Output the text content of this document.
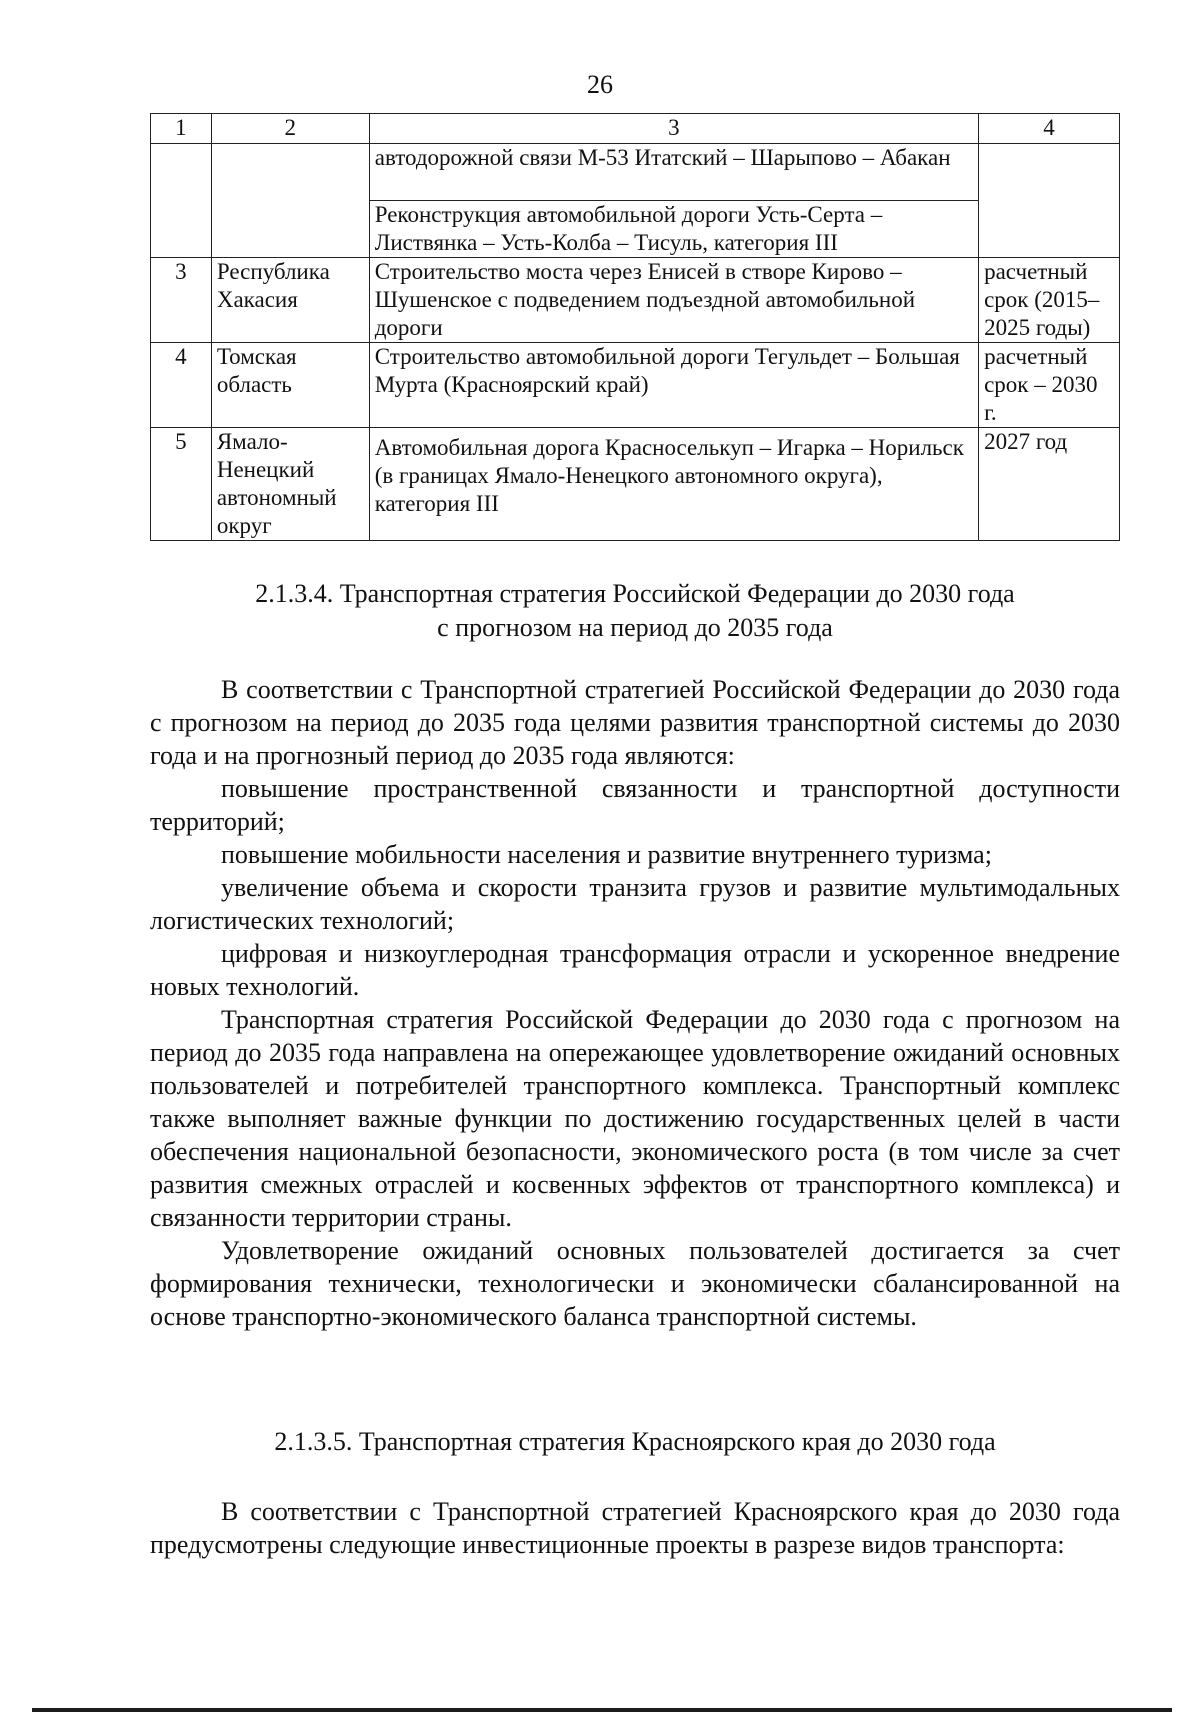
26
1	2	3	4
		автодорожной связи М-53 Итатский – Шарыпово – Абакан	
		Реконструкция автомобильной дороги Усть-Серта – Листвянка – Усть-Колба – Тисуль, категория III	
3	Республика Хакасия	Строительство моста через Енисей в створе Кирово – Шушенское с подведением подъездной автомобильной дороги	расчетный срок (2015–2025 годы)
4	Томская область	Строительство автомобильной дороги Тегульдет – Большая Мурта (Красноярский край)	расчетный срок – 2030 г.
5	Ямало-Ненецкий автономный округ	Автомобильная дорога Красноселькуп – Игарка – Норильск (в границах Ямало-Ненецкого автономного округа), категория III	2027 год
2.1.3.4. Транспортная стратегия Российской Федерации до 2030 года
с прогнозом на период до 2035 года

В соответствии с Транспортной стратегией Российской Федерации до 2030 года с прогнозом на период до 2035 года целями развития транспортной системы до 2030 года и на прогнозный период до 2035 года являются:

повышение пространственной связанности и транспортной доступности территорий;

повышение мобильности населения и развитие внутреннего туризма;

увеличение объема и скорости транзита грузов и развитие мультимодальных логистических технологий;

цифровая и низкоуглеродная трансформация отрасли и ускоренное внедрение новых технологий.

Транспортная стратегия Российской Федерации до 2030 года с прогнозом на период до 2035 года направлена на опережающее удовлетворение ожиданий основных пользователей и потребителей транспортного комплекса. Транспортный комплекс также выполняет важные функции по достижению государственных целей в части обеспечения национальной безопасности, экономического роста (в том числе за счет развития смежных отраслей и косвенных эффектов от транспортного комплекса) и связанности территории страны.

Удовлетворение ожиданий основных пользователей достигается за счет формирования технически, технологически и экономически сбалансированной на основе транспортно-экономического баланса транспортной системы.

2.1.3.5. Транспортная стратегия Красноярского края до 2030 года

В соответствии с Транспортной стратегией Красноярского края до 2030 года предусмотрены следующие инвестиционные проекты в разрезе видов транспорта:
